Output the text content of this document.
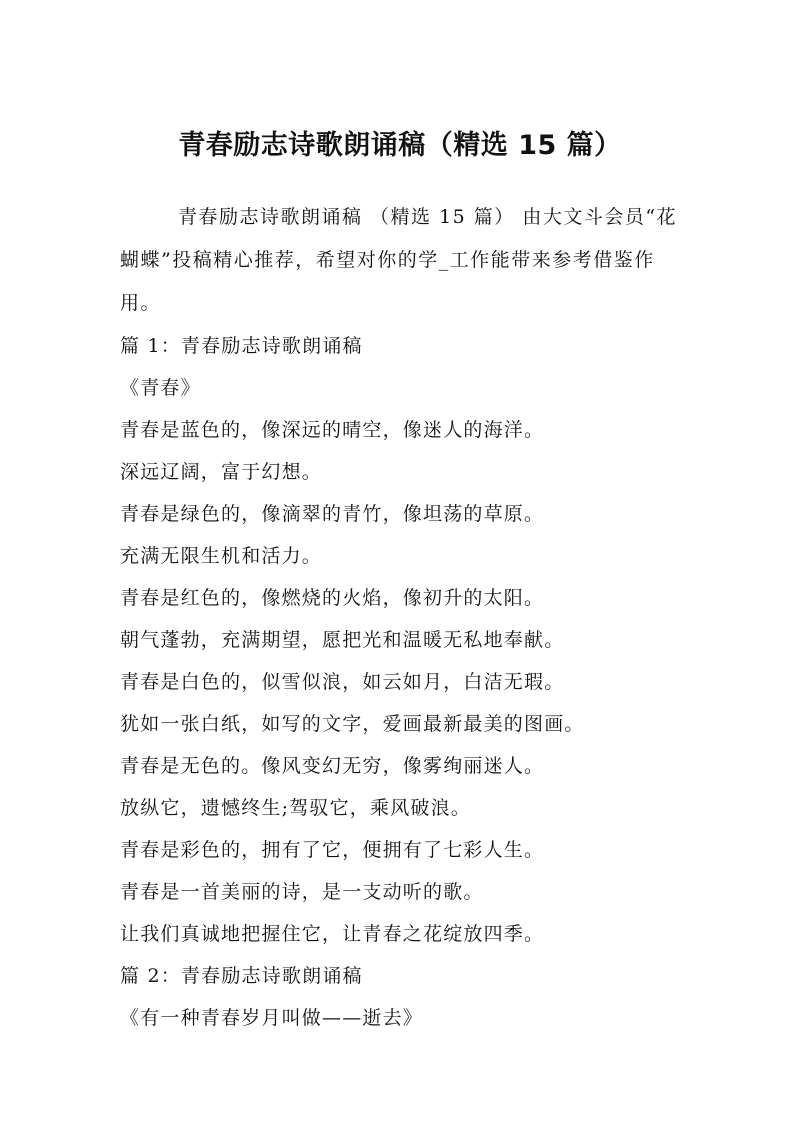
青春励志诗歌朗诵稿（精选 15 篇）

青春励志诗歌朗诵稿 （精选 15 篇） 由大文斗会员“花蝴蝶”投稿精心推荐，希望对你的学_工作能带来参考借鉴作用。

篇 1：青春励志诗歌朗诵稿

《青春》

青春是蓝色的，像深远的晴空，像迷人的海洋。

深远辽阔，富于幻想。

青春是绿色的，像滴翠的青竹，像坦荡的草原。

充满无限生机和活力。

青春是红色的，像燃烧的火焰，像初升的太阳。

朝气蓬勃，充满期望，愿把光和温暖无私地奉献。

青春是白色的，似雪似浪，如云如月，白洁无瑕。

犹如一张白纸，如写的文字，爱画最新最美的图画。

青春是无色的。像风变幻无穷，像雾绚丽迷人。

放纵它，遗憾终生;驾驭它，乘风破浪。

青春是彩色的，拥有了它，便拥有了七彩人生。

青春是一首美丽的诗，是一支动听的歌。

让我们真诚地把握住它，让青春之花绽放四季。

篇 2：青春励志诗歌朗诵稿

《有一种青春岁月叫做——逝去》
